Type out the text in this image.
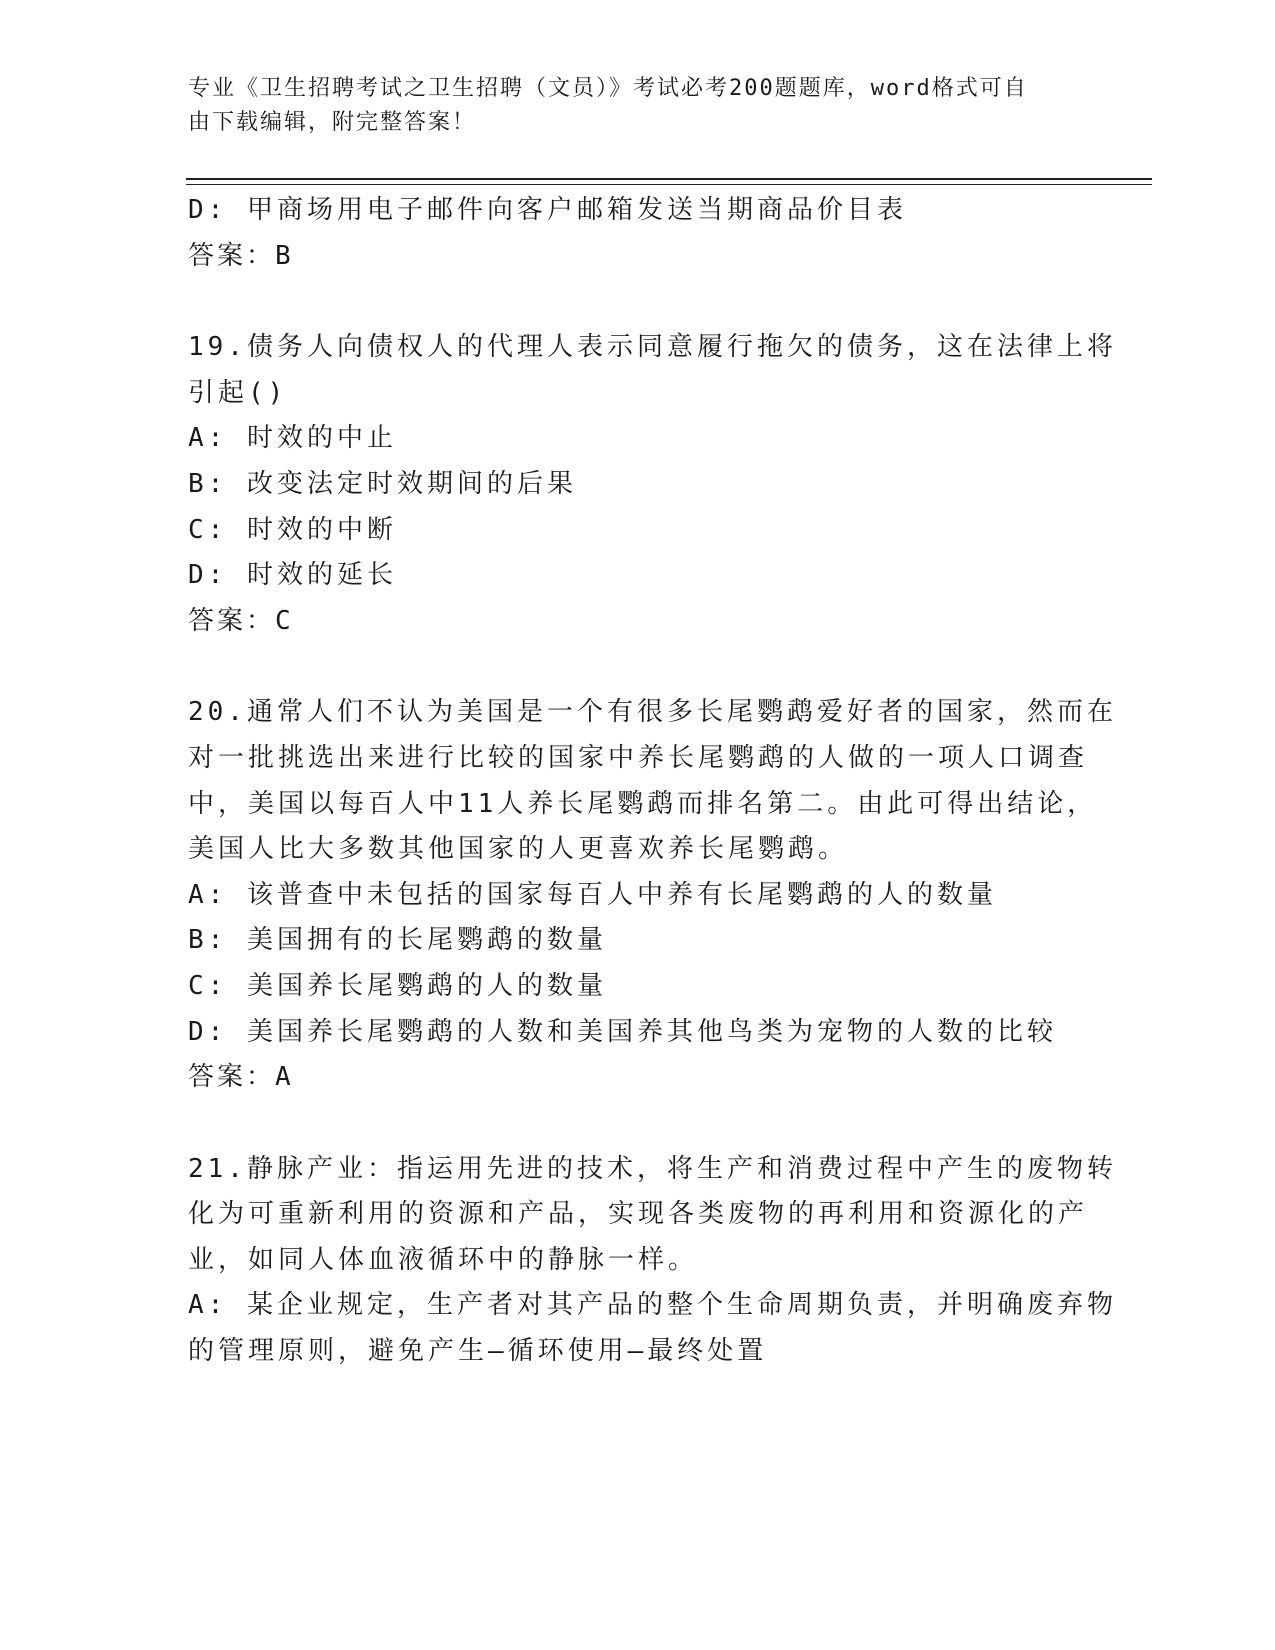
专业《卫生招聘考试之卫生招聘（文员）》考试必考200题题库，word格式可自
由下载编辑，附完整答案！
D: 甲商场用电子邮件向客户邮箱发送当期商品价目表
答案：B
19.债务人向债权人的代理人表示同意履行拖欠的债务，这在法律上将
引起()
A: 时效的中止
B: 改变法定时效期间的后果
C: 时效的中断
D: 时效的延长
答案：C
20.通常人们不认为美国是一个有很多长尾鹦鹉爱好者的国家，然而在
对一批挑选出来进行比较的国家中养长尾鹦鹉的人做的一项人口调查
中，美国以每百人中11人养长尾鹦鹉而排名第二。由此可得出结论，
美国人比大多数其他国家的人更喜欢养长尾鹦鹉。
A: 该普查中未包括的国家每百人中养有长尾鹦鹉的人的数量
B: 美国拥有的长尾鹦鹉的数量
C: 美国养长尾鹦鹉的人的数量
D: 美国养长尾鹦鹉的人数和美国养其他鸟类为宠物的人数的比较
答案：A
21.静脉产业：指运用先进的技术，将生产和消费过程中产生的废物转
化为可重新利用的资源和产品，实现各类废物的再利用和资源化的产
业，如同人体血液循环中的静脉一样。
A: 某企业规定，生产者对其产品的整个生命周期负责，并明确废弃物
的管理原则，避免产生—循环使用—最终处置
